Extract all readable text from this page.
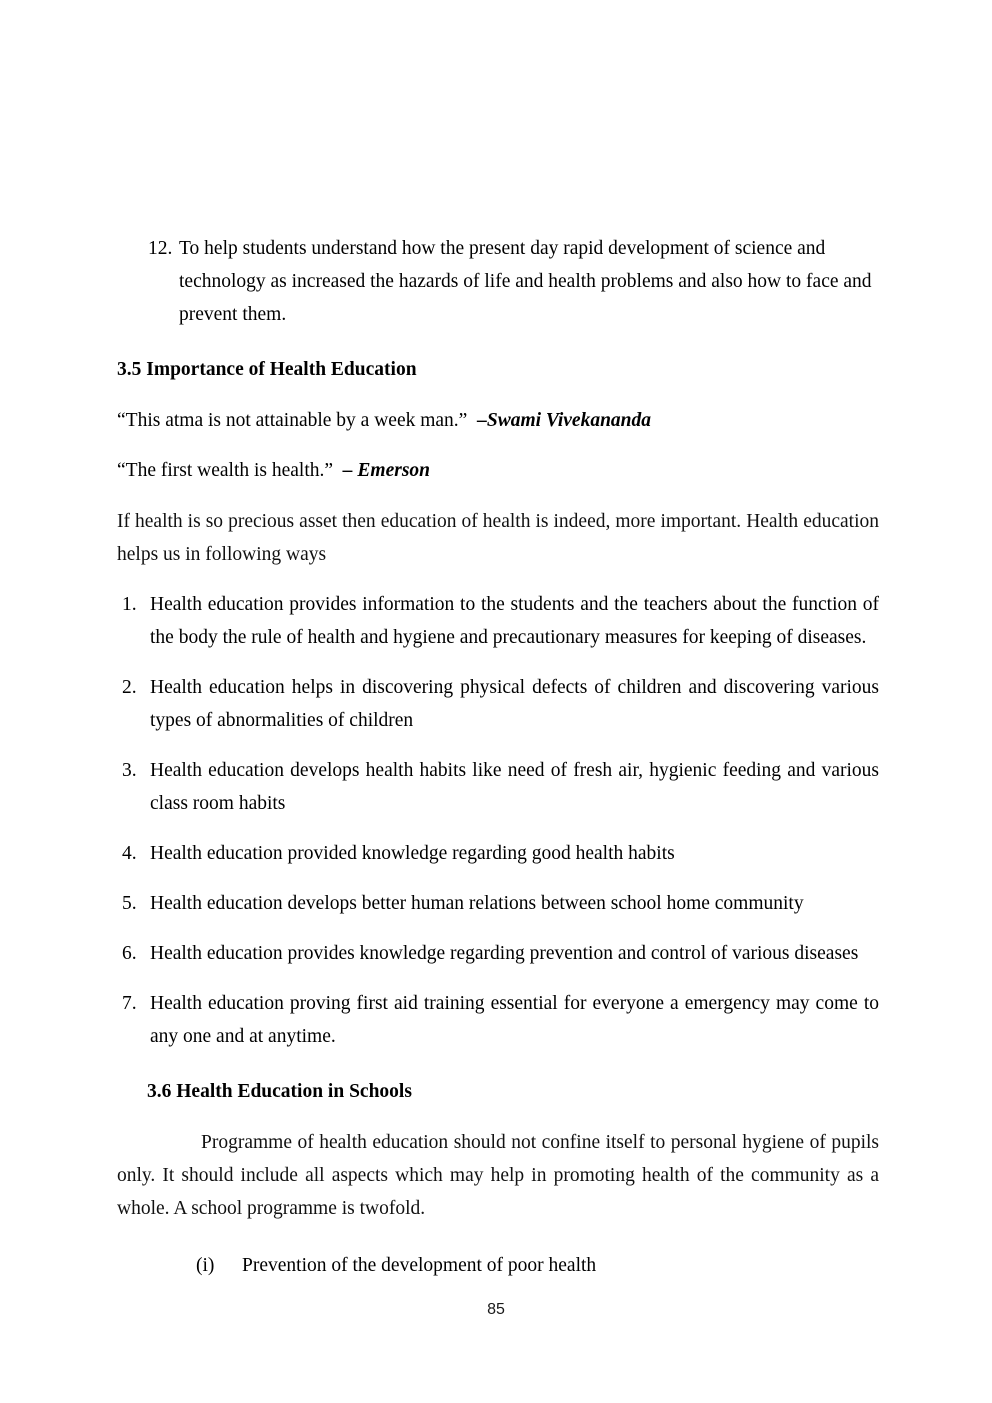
12. To help students understand how the present day rapid development of science and technology as increased the hazards of life and health problems and also how to face and prevent them.
3.5 Importance of Health Education
“This atma is not attainable by a week man.” –Swami Vivekananda
“The first wealth is health.” – Emerson

If health is so precious asset then education of health is indeed, more important. Health education helps us in following ways

1. Health education provides information to the students and the teachers about the function of the body the rule of health and hygiene and precautionary measures for keeping of diseases.
2. Health education helps in discovering physical defects of children and discovering various types of abnormalities of children
3. Health education develops health habits like need of fresh air, hygienic feeding and various class room habits
4. Health education provided knowledge regarding good health habits
5. Health education develops better human relations between school home community
6. Health education provides knowledge regarding prevention and control of various diseases
7. Health education proving first aid training essential for everyone a emergency may come to any one and at anytime.
3.6 Health Education in Schools

Programme of health education should not confine itself to personal hygiene of pupils only. It should include all aspects which may help in promoting health of the community as a whole. A school programme is twofold.

(i)	Prevention of the development of poor health
85
